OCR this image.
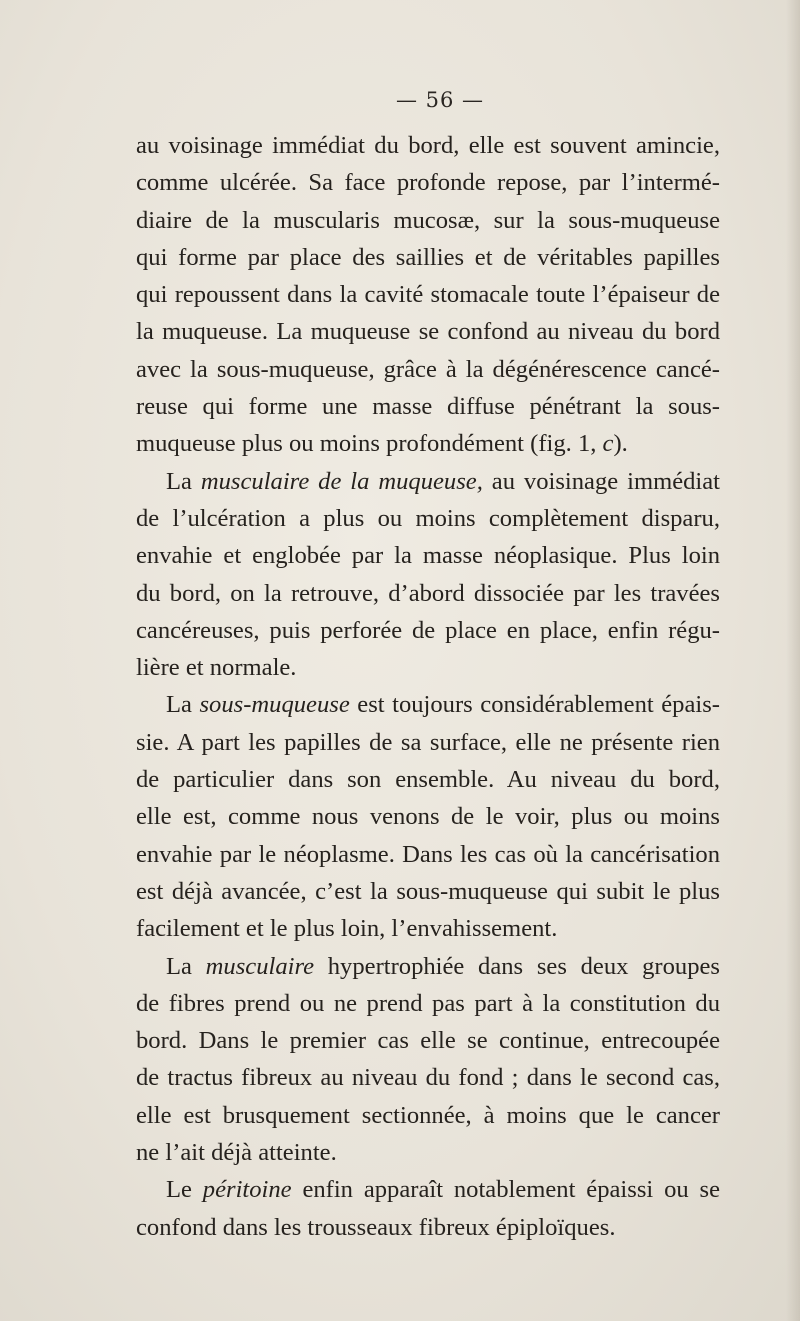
— 56 —

au voisinage immédiat du bord, elle est souvent amincie,

comme ulcérée. Sa face profonde repose, par l’intermé-

diaire de la muscularis mucosæ, sur la sous-muqueuse

qui forme par place des saillies et de véritables papilles

qui repoussent dans la cavité stomacale toute l’épaiseur de

la muqueuse. La muqueuse se confond au niveau du bord

avec la sous-muqueuse, grâce à la dégénérescence cancé-

reuse qui forme une masse diffuse pénétrant la sous-

muqueuse plus ou moins profondément (fig. 1, c).

La musculaire de la muqueuse, au voisinage immédiat

de l’ulcération a plus ou moins complètement disparu,

envahie et englobée par la masse néoplasique. Plus loin

du bord, on la retrouve, d’abord dissociée par les travées

cancéreuses, puis perforée de place en place, enfin régu-

lière et normale.

La sous-muqueuse est toujours considérablement épais-

sie. A part les papilles de sa surface, elle ne présente rien

de particulier dans son ensemble. Au niveau du bord,

elle est, comme nous venons de le voir, plus ou moins

envahie par le néoplasme. Dans les cas où la cancérisation

est déjà avancée, c’est la sous-muqueuse qui subit le plus

facilement et le plus loin, l’envahissement.

La musculaire hypertrophiée dans ses deux groupes

de fibres prend ou ne prend pas part à la constitution du

bord. Dans le premier cas elle se continue, entrecoupée

de tractus fibreux au niveau du fond ; dans le second cas,

elle est brusquement sectionnée, à moins que le cancer

ne l’ait déjà atteinte.

Le péritoine enfin apparaît notablement épaissi ou se

confond dans les trousseaux fibreux épiploïques.
